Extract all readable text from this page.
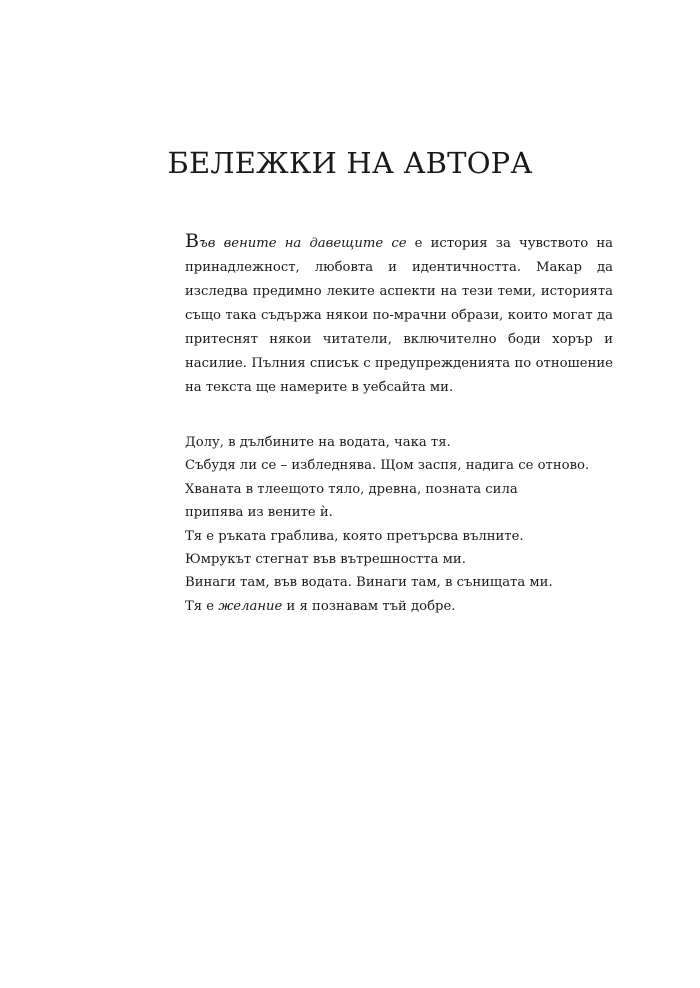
БЕЛЕЖКИ НА АВТОРА

Във вените на давещите се е история за чувството на принадлежност, любовта и идентичността. Макар да изследва предимно леките аспекти на тези теми, историята също така съдържа някои по-мрачни образи, които могат да притеснят някои читатели, включително боди хорър и насилие. Пълния списък с предупрежденията по отношение на текста ще намерите в уебсайта ми.

Долу, в дълбините на водата, чака тя.
Събудя ли се – избледнява. Щом заспя, надига се отново.
Хваната в тлеещото тяло, древна, позната сила
припява из вените ѝ.
Тя е ръката граблива, която претърсва вълните.
Юмрукът стегнат във вътрешността ми.
Винаги там, във водата. Винаги там, в сънищата ми.
Тя е желание и я познавам тъй добре.
